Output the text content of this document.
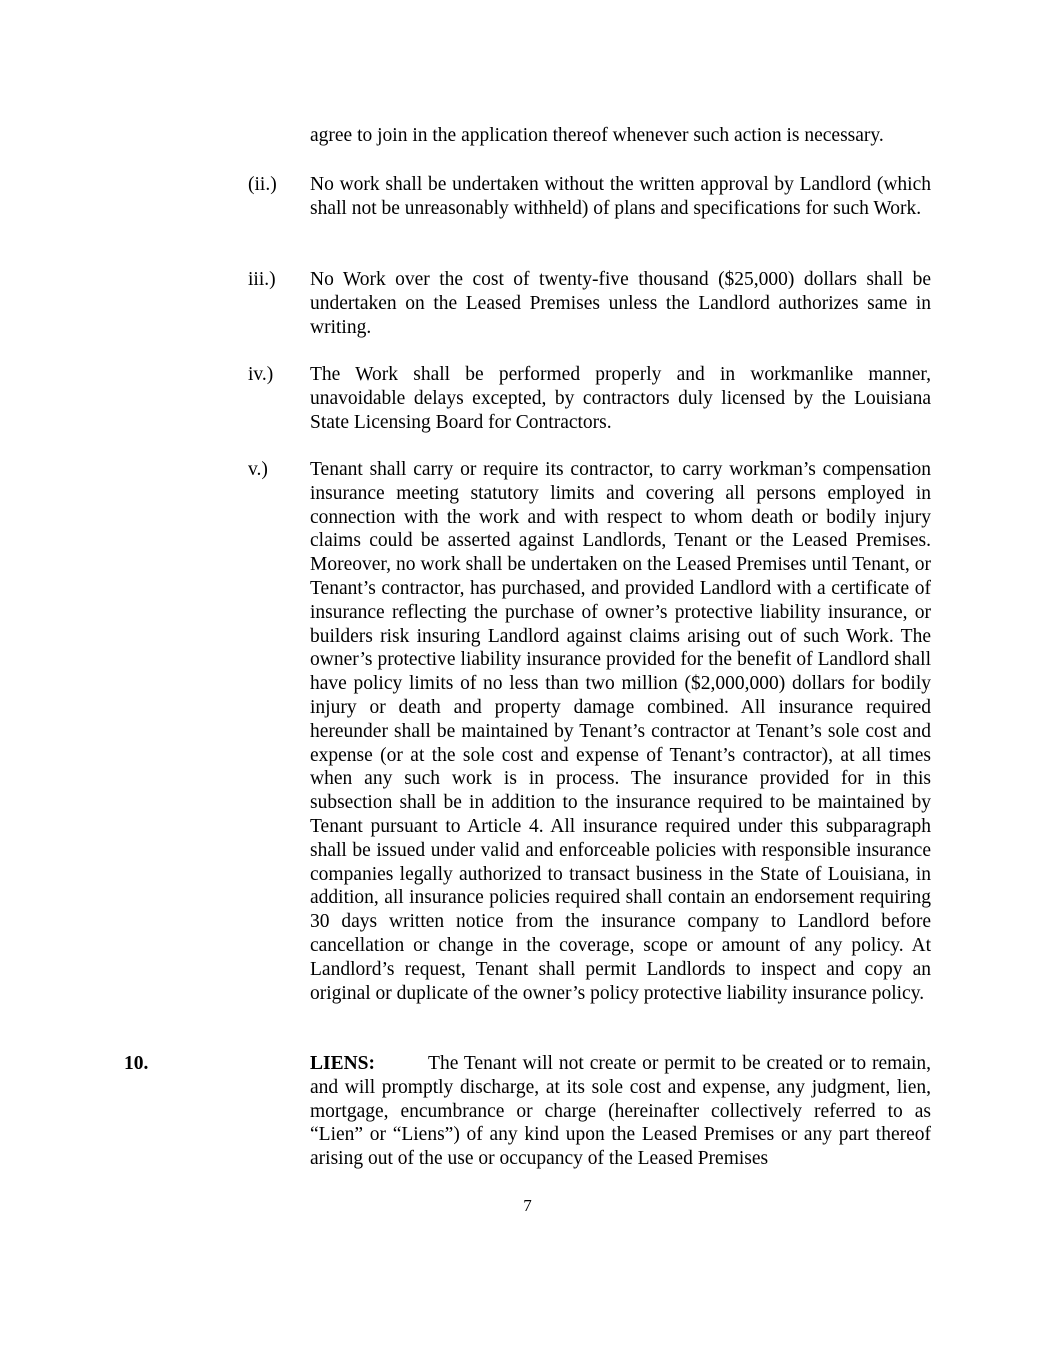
agree to join in the application thereof whenever such action is necessary.

(ii.) No work shall be undertaken without the written approval by Landlord (which shall not be unreasonably withheld) of plans and specifications for such Work.

iii.) No Work over the cost of twenty-five thousand ($25,000) dollars shall be undertaken on the Leased Premises unless the Landlord authorizes same in writing.

iv.) The Work shall be performed properly and in workmanlike manner, unavoidable delays excepted, by contractors duly licensed by the Louisiana State Licensing Board for Contractors.

v.) Tenant shall carry or require its contractor, to carry workman’s compensation insurance meeting statutory limits and covering all persons employed in connection with the work and with respect to whom death or bodily injury claims could be asserted against Landlords, Tenant or the Leased Premises. Moreover, no work shall be undertaken on the Leased Premises until Tenant, or Tenant’s contractor, has purchased, and provided Landlord with a certificate of insurance reflecting the purchase of owner’s protective liability insurance, or builders risk insuring Landlord against claims arising out of such Work. The owner’s protective liability insurance provided for the benefit of Landlord shall have policy limits of no less than two million ($2,000,000) dollars for bodily injury or death and property damage combined. All insurance required hereunder shall be maintained by Tenant’s contractor at Tenant’s sole cost and expense (or at the sole cost and expense of Tenant’s contractor), at all times when any such work is in process. The insurance provided for in this subsection shall be in addition to the insurance required to be maintained by Tenant pursuant to Article 4. All insurance required under this subparagraph shall be issued under valid and enforceable policies with responsible insurance companies legally authorized to transact business in the State of Louisiana, in addition, all insurance policies required shall contain an endorsement requiring 30 days written notice from the insurance company to Landlord before cancellation or change in the coverage, scope or amount of any policy. At Landlord’s request, Tenant shall permit Landlords to inspect and copy an original or duplicate of the owner’s policy protective liability insurance policy.

10.	LIENS:	The Tenant will not create or permit to be created or to remain, and will promptly discharge, at its sole cost and expense, any judgment, lien, mortgage, encumbrance or charge (hereinafter collectively referred to as “Lien” or “Liens”) of any kind upon the Leased Premises or any part thereof arising out of the use or occupancy of the Leased Premises

7
